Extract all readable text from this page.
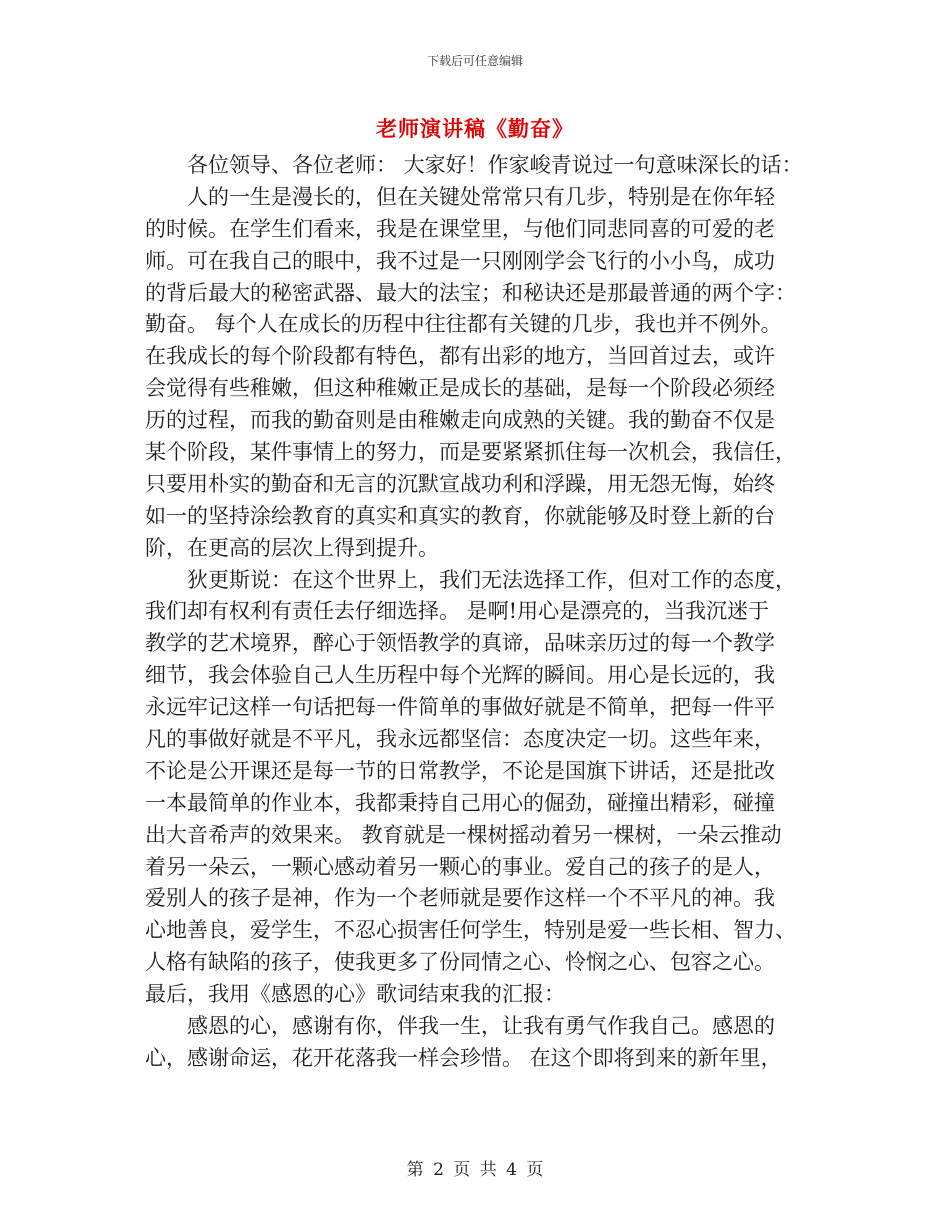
下载后可任意编辑
老师演讲稿《勤奋》
各位领导、各位老师： 大家好！作家峻青说过一句意味深长的话：
人的一生是漫长的，但在关键处常常只有几步，特别是在你年轻
的时候。在学生们看来，我是在课堂里，与他们同悲同喜的可爱的老
师。可在我自己的眼中，我不过是一只刚刚学会飞行的小小鸟，成功
的背后最大的秘密武器、最大的法宝；和秘诀还是那最普通的两个字：
勤奋。 每个人在成长的历程中往往都有关键的几步，我也并不例外。
在我成长的每个阶段都有特色，都有出彩的地方，当回首过去，或许
会觉得有些稚嫩，但这种稚嫩正是成长的基础，是每一个阶段必须经
历的过程，而我的勤奋则是由稚嫩走向成熟的关键。我的勤奋不仅是
某个阶段，某件事情上的努力，而是要紧紧抓住每一次机会，我信任，
只要用朴实的勤奋和无言的沉默宣战功利和浮躁，用无怨无悔，始终
如一的坚持涂绘教育的真实和真实的教育，你就能够及时登上新的台
阶，在更高的层次上得到提升。
狄更斯说：在这个世界上，我们无法选择工作，但对工作的态度，
我们却有权利有责任去仔细选择。 是啊!用心是漂亮的，当我沉迷于
教学的艺术境界，醉心于领悟教学的真谛，品味亲历过的每一个教学
细节，我会体验自己人生历程中每个光辉的瞬间。用心是长远的，我
永远牢记这样一句话把每一件简单的事做好就是不简单，把每一件平
凡的事做好就是不平凡，我永远都坚信：态度决定一切。这些年来，
不论是公开课还是每一节的日常教学，不论是国旗下讲话，还是批改
一本最简单的作业本，我都秉持自己用心的倔劲，碰撞出精彩，碰撞
出大音希声的效果来。 教育就是一棵树摇动着另一棵树，一朵云推动
着另一朵云，一颗心感动着另一颗心的事业。爱自己的孩子的是人，
爱别人的孩子是神，作为一个老师就是要作这样一个不平凡的神。我
心地善良，爱学生，不忍心损害任何学生，特别是爱一些长相、智力、
人格有缺陷的孩子，使我更多了份同情之心、怜悯之心、包容之心。
最后，我用《感恩的心》歌词结束我的汇报：
感恩的心，感谢有你，伴我一生，让我有勇气作我自己。感恩的
心，感谢命运，花开花落我一样会珍惜。 在这个即将到来的新年里，
第 2 页 共 4 页
